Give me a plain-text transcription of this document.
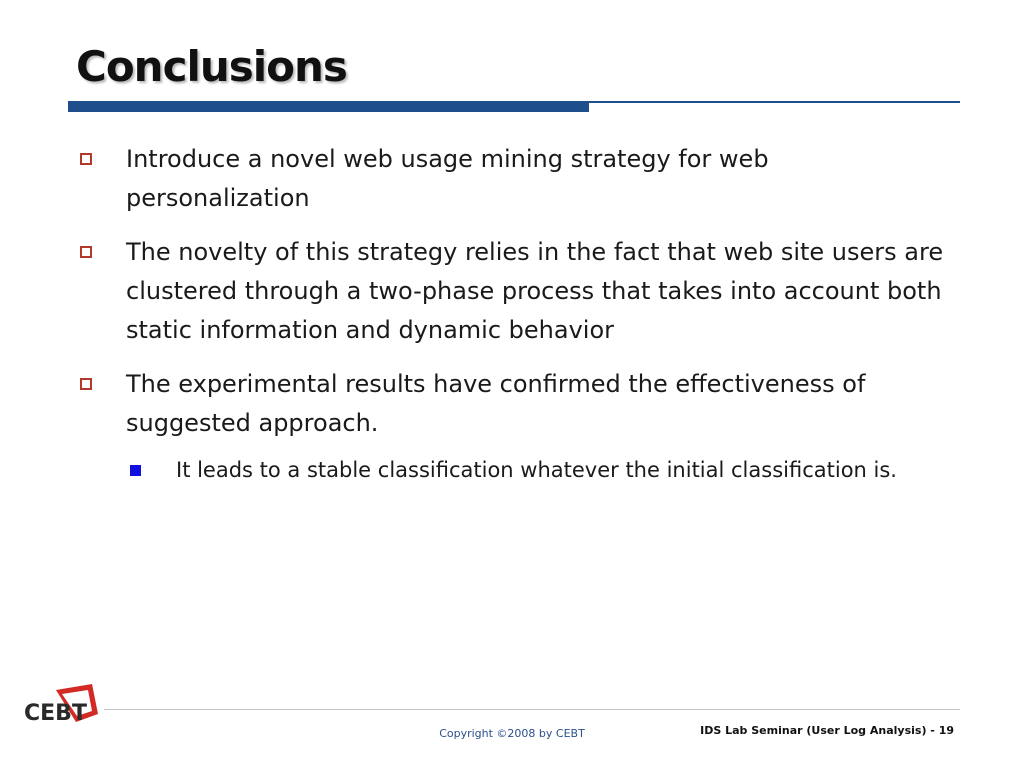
Conclusions
Introduce a novel web usage mining strategy for web personalization
The novelty of this strategy relies in the fact that web site users are clustered through a two-phase process that takes into account both static information and dynamic behavior
The experimental results have confirmed the effectiveness of suggested approach.
It leads to a stable classification whatever the initial classification is.
CEBT
Copyright ©2008 by CEBT	IDS Lab Seminar (User Log Analysis) - 19
